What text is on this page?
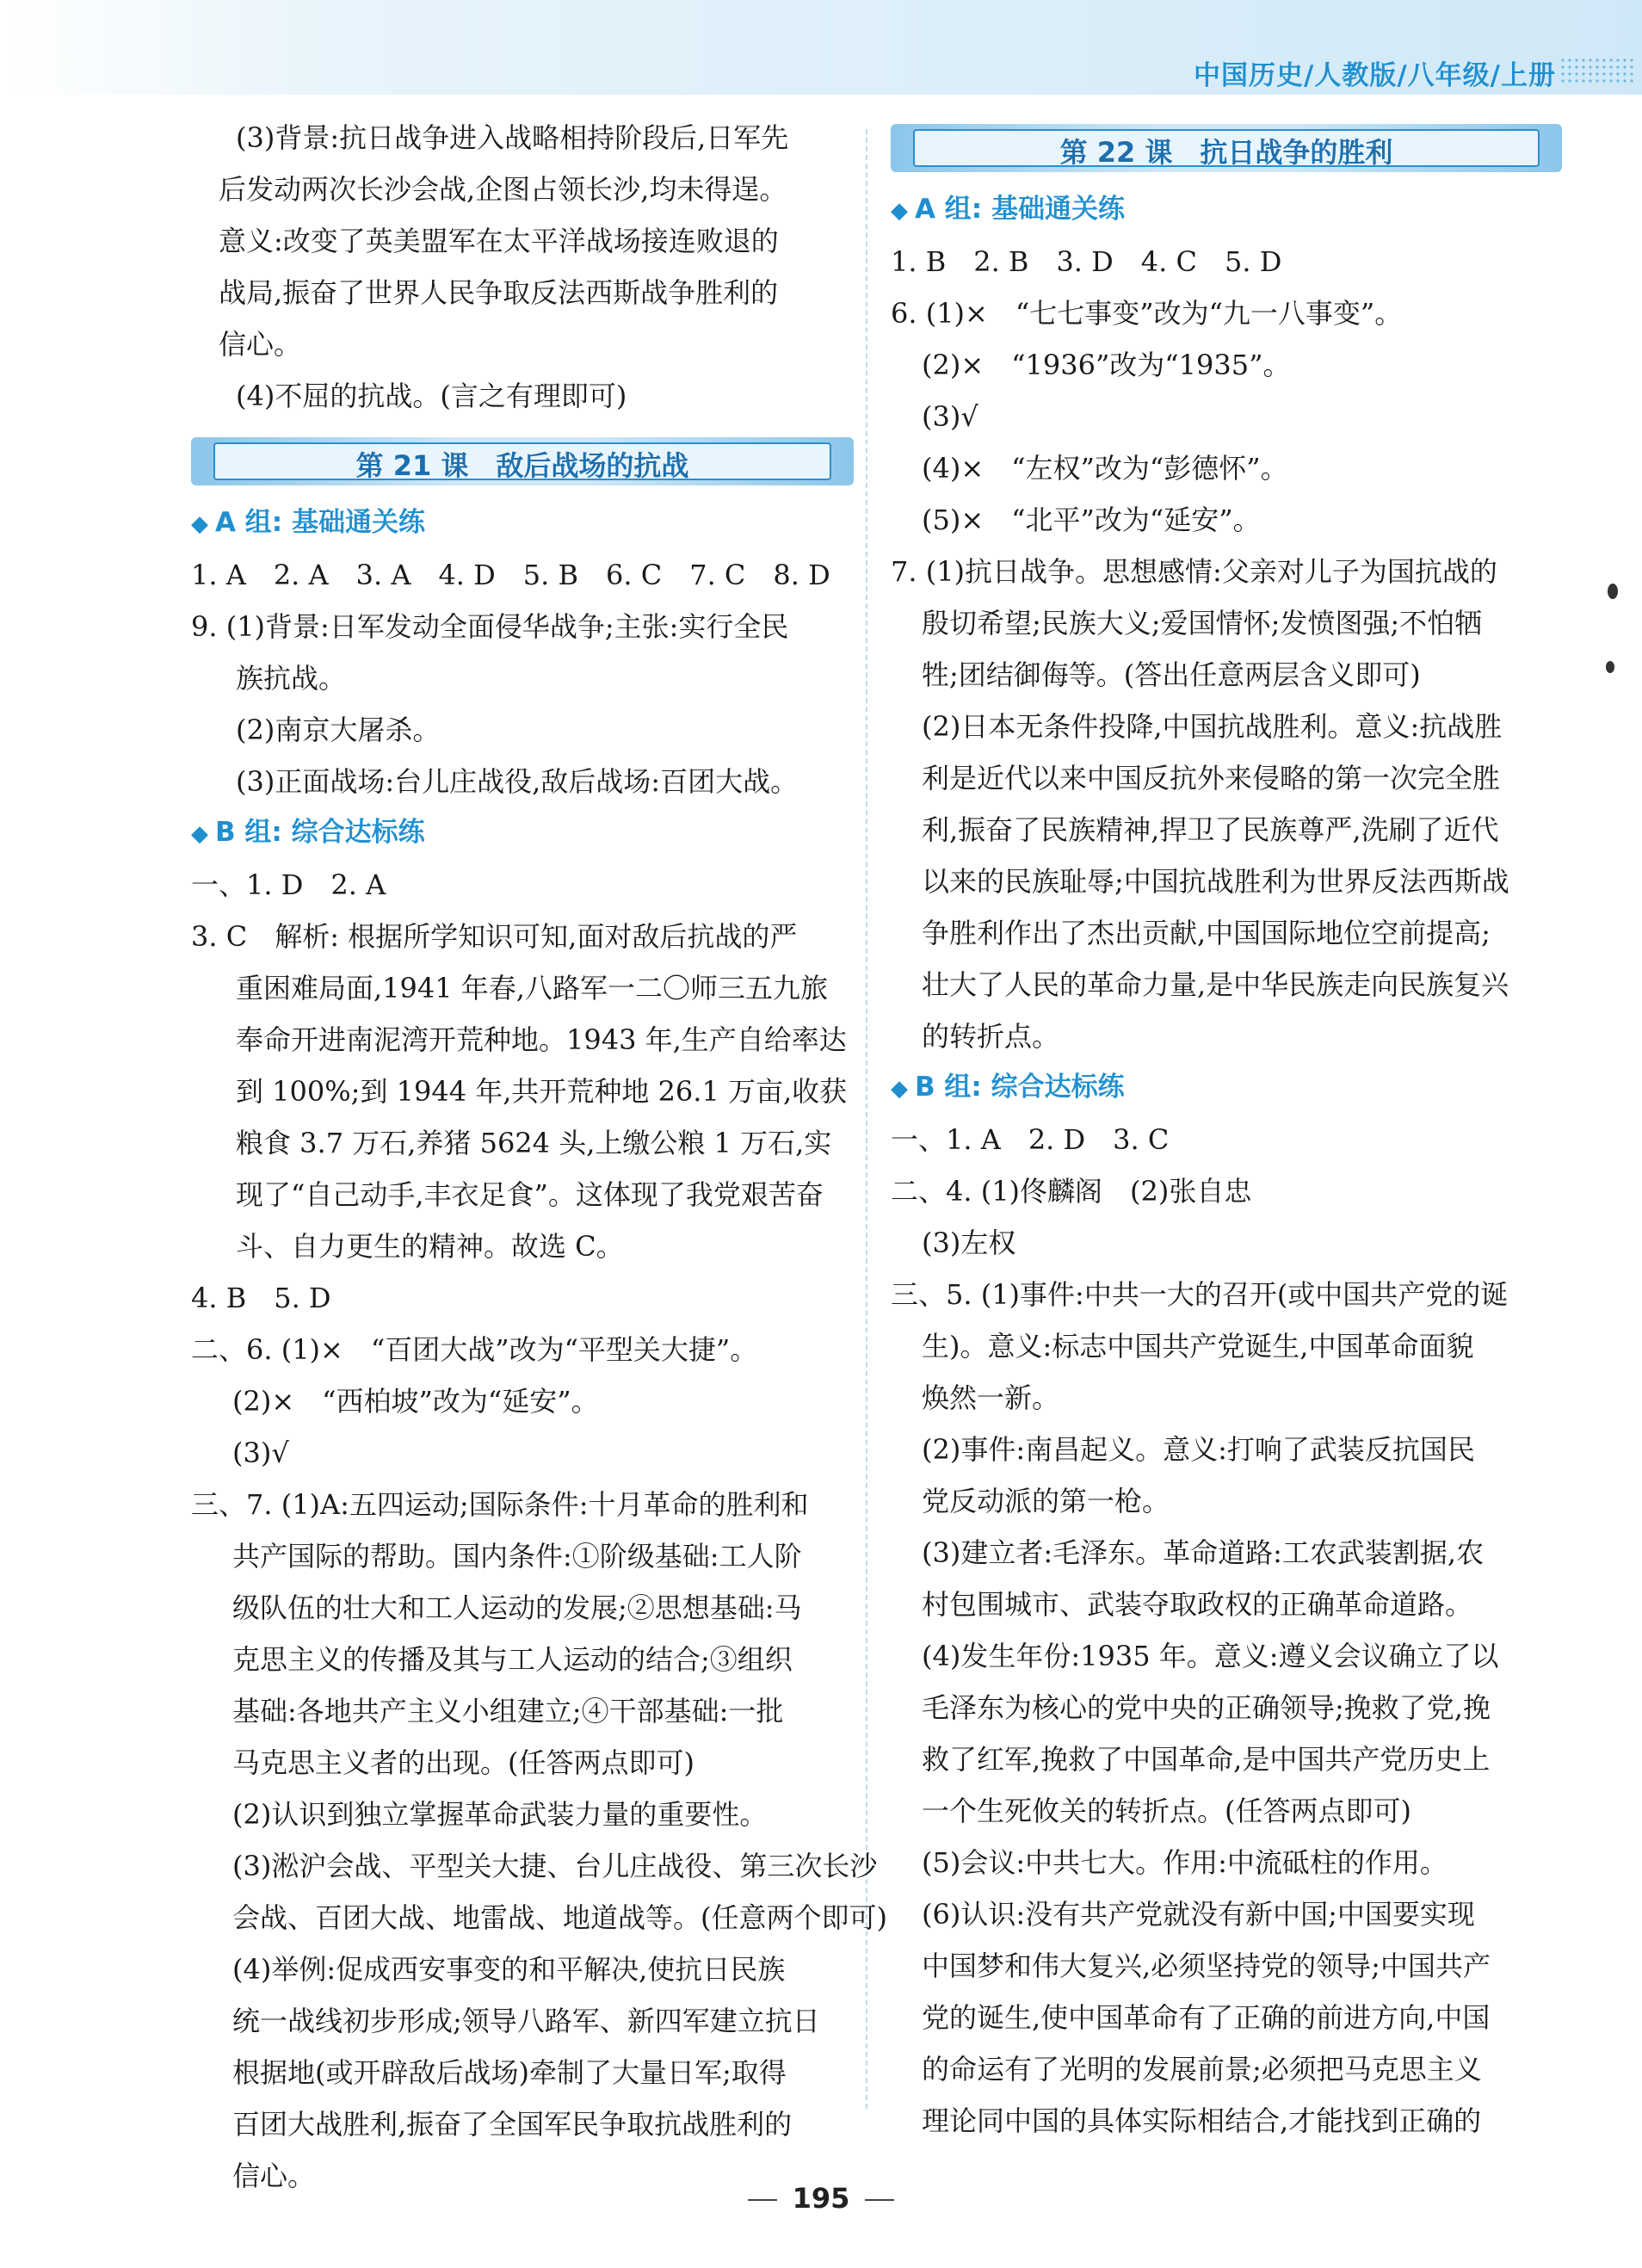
中国历史/人教版/八年级/上册

(3)背景:抗日战争进入战略相持阶段后,日军先

后发动两次长沙会战,企图占领长沙,均未得逞。

意义:改变了英美盟军在太平洋战场接连败退的

战局,振奋了世界人民争取反法西斯战争胜利的

信心。

(4)不屈的抗战。(言之有理即可)

第 21 课　敌后战场的抗战

◆ A 组: 基础通关练

1. A　2. A　3. A　4. D　5. B　6. C　7. C　8. D

9. (1)背景:日军发动全面侵华战争;主张:实行全民

族抗战。

(2)南京大屠杀。

(3)正面战场:台儿庄战役,敌后战场:百团大战。

◆ B 组: 综合达标练

一、1. D　2. A

3. C　解析: 根据所学知识可知,面对敌后抗战的严

重困难局面,1941 年春,八路军一二〇师三五九旅

奉命开进南泥湾开荒种地。1943 年,生产自给率达

到 100%;到 1944 年,共开荒种地 26.1 万亩,收获

粮食 3.7 万石,养猪 5624 头,上缴公粮 1 万石,实

现了“自己动手,丰衣足食”。这体现了我党艰苦奋

斗、自力更生的精神。故选 C。

4. B　5. D

二、6. (1)×　“百团大战”改为“平型关大捷”。

(2)×　“西柏坡”改为“延安”。

(3)√

三、7. (1)A:五四运动;国际条件:十月革命的胜利和

共产国际的帮助。国内条件:①阶级基础:工人阶

级队伍的壮大和工人运动的发展;②思想基础:马

克思主义的传播及其与工人运动的结合;③组织

基础:各地共产主义小组建立;④干部基础:一批

马克思主义者的出现。(任答两点即可)

(2)认识到独立掌握革命武装力量的重要性。

(3)淞沪会战、平型关大捷、台儿庄战役、第三次长沙

会战、百团大战、地雷战、地道战等。(任意两个即可)

(4)举例:促成西安事变的和平解决,使抗日民族

统一战线初步形成;领导八路军、新四军建立抗日

根据地(或开辟敌后战场)牵制了大量日军;取得

百团大战胜利,振奋了全国军民争取抗战胜利的

信心。

第 22 课　抗日战争的胜利

◆ A 组: 基础通关练

1. B　2. B　3. D　4. C　5. D

6. (1)×　“七七事变”改为“九一八事变”。

(2)×　“1936”改为“1935”。

(3)√

(4)×　“左权”改为“彭德怀”。

(5)×　“北平”改为“延安”。

7. (1)抗日战争。思想感情:父亲对儿子为国抗战的

殷切希望;民族大义;爱国情怀;发愤图强;不怕牺

牲;团结御侮等。(答出任意两层含义即可)

(2)日本无条件投降,中国抗战胜利。意义:抗战胜

利是近代以来中国反抗外来侵略的第一次完全胜

利,振奋了民族精神,捍卫了民族尊严,洗刷了近代

以来的民族耻辱;中国抗战胜利为世界反法西斯战

争胜利作出了杰出贡献,中国国际地位空前提高;

壮大了人民的革命力量,是中华民族走向民族复兴

的转折点。

◆ B 组: 综合达标练

一、1. A　2. D　3. C

二、4. (1)佟麟阁　(2)张自忠

(3)左权

三、5. (1)事件:中共一大的召开(或中国共产党的诞

生)。意义:标志中国共产党诞生,中国革命面貌

焕然一新。

(2)事件:南昌起义。意义:打响了武装反抗国民

党反动派的第一枪。

(3)建立者:毛泽东。革命道路:工农武装割据,农

村包围城市、武装夺取政权的正确革命道路。

(4)发生年份:1935 年。意义:遵义会议确立了以

毛泽东为核心的党中央的正确领导;挽救了党,挽

救了红军,挽救了中国革命,是中国共产党历史上

一个生死攸关的转折点。(任答两点即可)

(5)会议:中共七大。作用:中流砥柱的作用。

(6)认识:没有共产党就没有新中国;中国要实现

中国梦和伟大复兴,必须坚持党的领导;中国共产

党的诞生,使中国革命有了正确的前进方向,中国

的命运有了光明的发展前景;必须把马克思主义

理论同中国的具体实际相结合,才能找到正确的

195
